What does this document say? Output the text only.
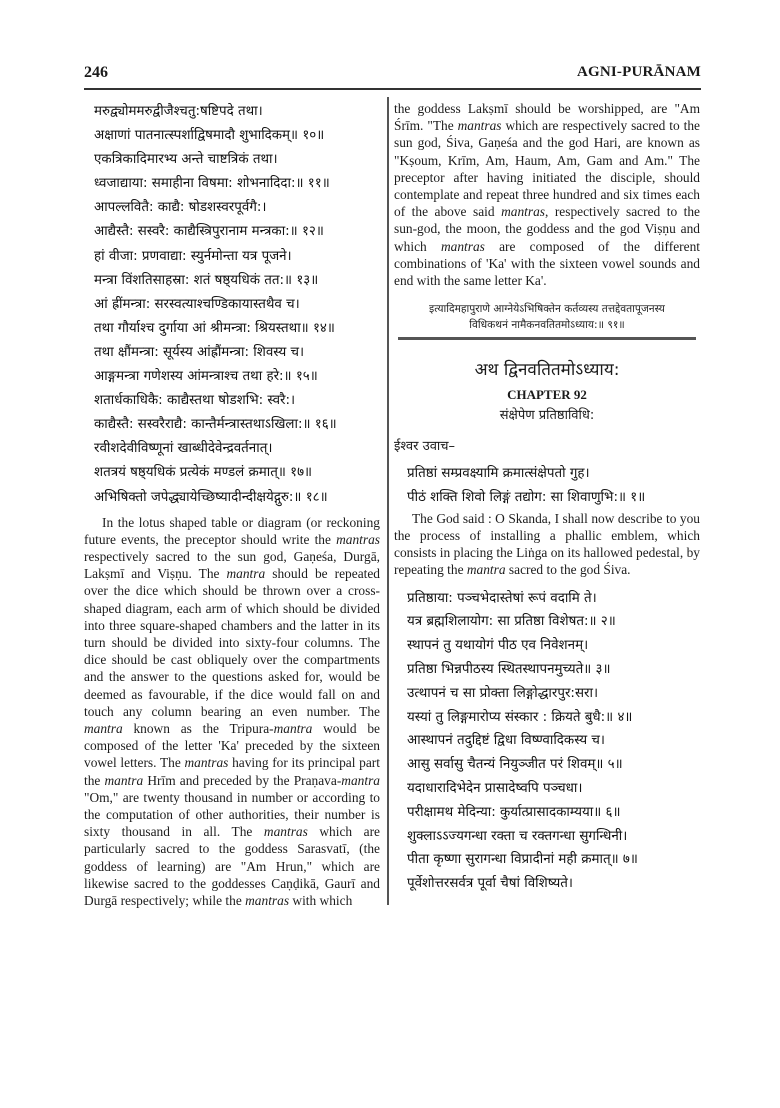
246	AGNI-PURĀNAM
मरुद्व्योममरुद्वीजैश्चतु:षष्टिपदे तथा।
अक्षाणां पातनात्स्पर्शाद्विषमादौ शुभादिकम्॥ १०॥
एकत्रिकादिमारभ्य अन्ते चाष्टत्रिकं तथा।
ध्वजाद्याया: समाहीना विषमा: शोभनादिदा:॥ ११॥
आपल्लवितै: काद्यै: षोडशस्वरपूर्वगै:।
आद्यैस्तै: सस्वरै: काद्यैस्त्रिपुरानाम मन्त्रका:॥ १२॥
हां वीजा: प्रणवाद्या: स्युर्नमोन्ता यत्र पूजने।
मन्त्रा विंशतिसाहस्रा: शतं षष्ठ्यधिकं तत:॥ १३॥
आं ह्रींमन्त्रा: सरस्वत्याश्चण्डिकायास्तथैव च।
तथा गौर्याश्च दुर्गाया आं श्रीमन्त्रा: श्रियस्तथा॥ १४॥
तथा क्षौंमन्त्रा: सूर्यस्य आंह्रौंमन्त्रा: शिवस्य च।
आङ्गमन्त्रा गणेशस्य आंमन्त्राश्च तथा हरे:॥ १५॥
शतार्धकाधिकै: काद्यैस्तथा षोडशभि: स्वरै:।
काद्यैस्तै: सस्वरैराद्यै: कान्तैर्मन्त्रास्तथाऽखिला:॥ १६॥
रवीशदेवीविष्णूनां खाब्धीदेवेन्द्रवर्तनात्।
शतत्रयं षष्ठ्यधिकं प्रत्येकं मण्डलं क्रमात्॥ १७॥
अभिषिक्तो जपेद्ध्यायेच्छिष्यादीन्दीक्षयेद्गुरु:॥ १८॥

In the lotus shaped table or diagram (or reckoning future events, the preceptor should write the mantras respectively sacred to the sun god, Gaṇeśa, Durgā, Lakṣmī and Viṣṇu. The mantra should be repeated over the dice which should be thrown over a cross-shaped diagram, each arm of which should be divided into three square-shaped chambers and the latter in its turn should be divided into sixty-four columns. The dice should be cast obliquely over the compartments and the answer to the questions asked for, would be deemed as favourable, if the dice would fall on and touch any column bearing an even number. The mantra known as the Tripura-mantra would be composed of the letter 'Ka' preceded by the sixteen vowel letters. The mantras having for its principal part the mantra Hrīm and preceded by the Praṇava-mantra "Om," are twenty thousand in number or according to the computation of other authorities, their number is sixty thousand in all. The mantras which are particularly sacred to the goddess Sarasvatī, (the goddess of learning) are "Am Hrun," which are likewise sacred to the goddesses Caṇḍikā, Gaurī and Durgā respectively; while the mantras with which

the goddess Lakṣmī should be worshipped, are "Am Śrīm. "The mantras which are respectively sacred to the sun god, Śiva, Gaṇeśa and the god Hari, are known as "Kṣoum, Krīm, Am, Haum, Am, Gam and Am." The preceptor after having initiated the disciple, should contemplate and repeat three hundred and six times each of the above said mantras, respectively sacred to the sun-god, the moon, the goddess and the god Viṣṇu and which mantras are composed of the different combinations of 'Ka' with the sixteen vowel sounds and end with the same letter Ka'.

इत्यादिमहापुराणे आग्नेयेऽभिषिक्तेन कर्तव्यस्य तत्तद्देवतापूजनस्य
विधिकथनं नामैकनवतितमोऽध्याय:॥ ९१॥
अथ द्विनवतितमोऽध्याय:
CHAPTER 92
संक्षेपेण प्रतिष्ठाविधि:
ईश्वर उवाच–
प्रतिष्ठां सम्प्रवक्ष्यामि क्रमात्संक्षेपतो गुह।
पीठं शक्ति शिवो लिङ्गं तद्योग: सा शिवाणुभि:॥ १॥

The God said : O Skanda, I shall now describe to you the process of installing a phallic emblem, which consists in placing the Liṅga on its hallowed pedestal, by repeating the mantra sacred to the god Śiva.

प्रतिष्ठाया: पञ्चभेदास्तेषां रूपं वदामि ते।
यत्र ब्रह्मशिलायोग: सा प्रतिष्ठा विशेषत:॥ २॥
स्थापनं तु यथायोगं पीठ एव निवेशनम्।
प्रतिष्ठा भिन्नपीठस्य स्थितस्थापनमुच्यते॥ ३॥
उत्थापनं च सा प्रोक्ता लिङ्गोद्धारपुर:सरा।
यस्यां तु लिङ्गमारोप्य संस्कार : क्रियते बुधै:॥ ४॥
आस्थापनं तदुद्दिष्टं द्विधा विष्ण्वादिकस्य च।
आसु सर्वासु चैतन्यं नियुञ्जीत परं शिवम्॥ ५॥
यदाधारादिभेदेन प्रासादेष्वपि पञ्चधा।
परीक्षामथ मेदिन्या: कुर्यात्प्रासादकाम्यया॥ ६॥
शुक्लाऽऽज्यगन्धा रक्ता च रक्तगन्धा सुगन्धिनी।
पीता कृष्णा सुरागन्धा विप्रादीनां मही क्रमात्॥ ७॥
पूर्वेशोत्तरसर्वत्र पूर्वा चैषां विशिष्यते।
